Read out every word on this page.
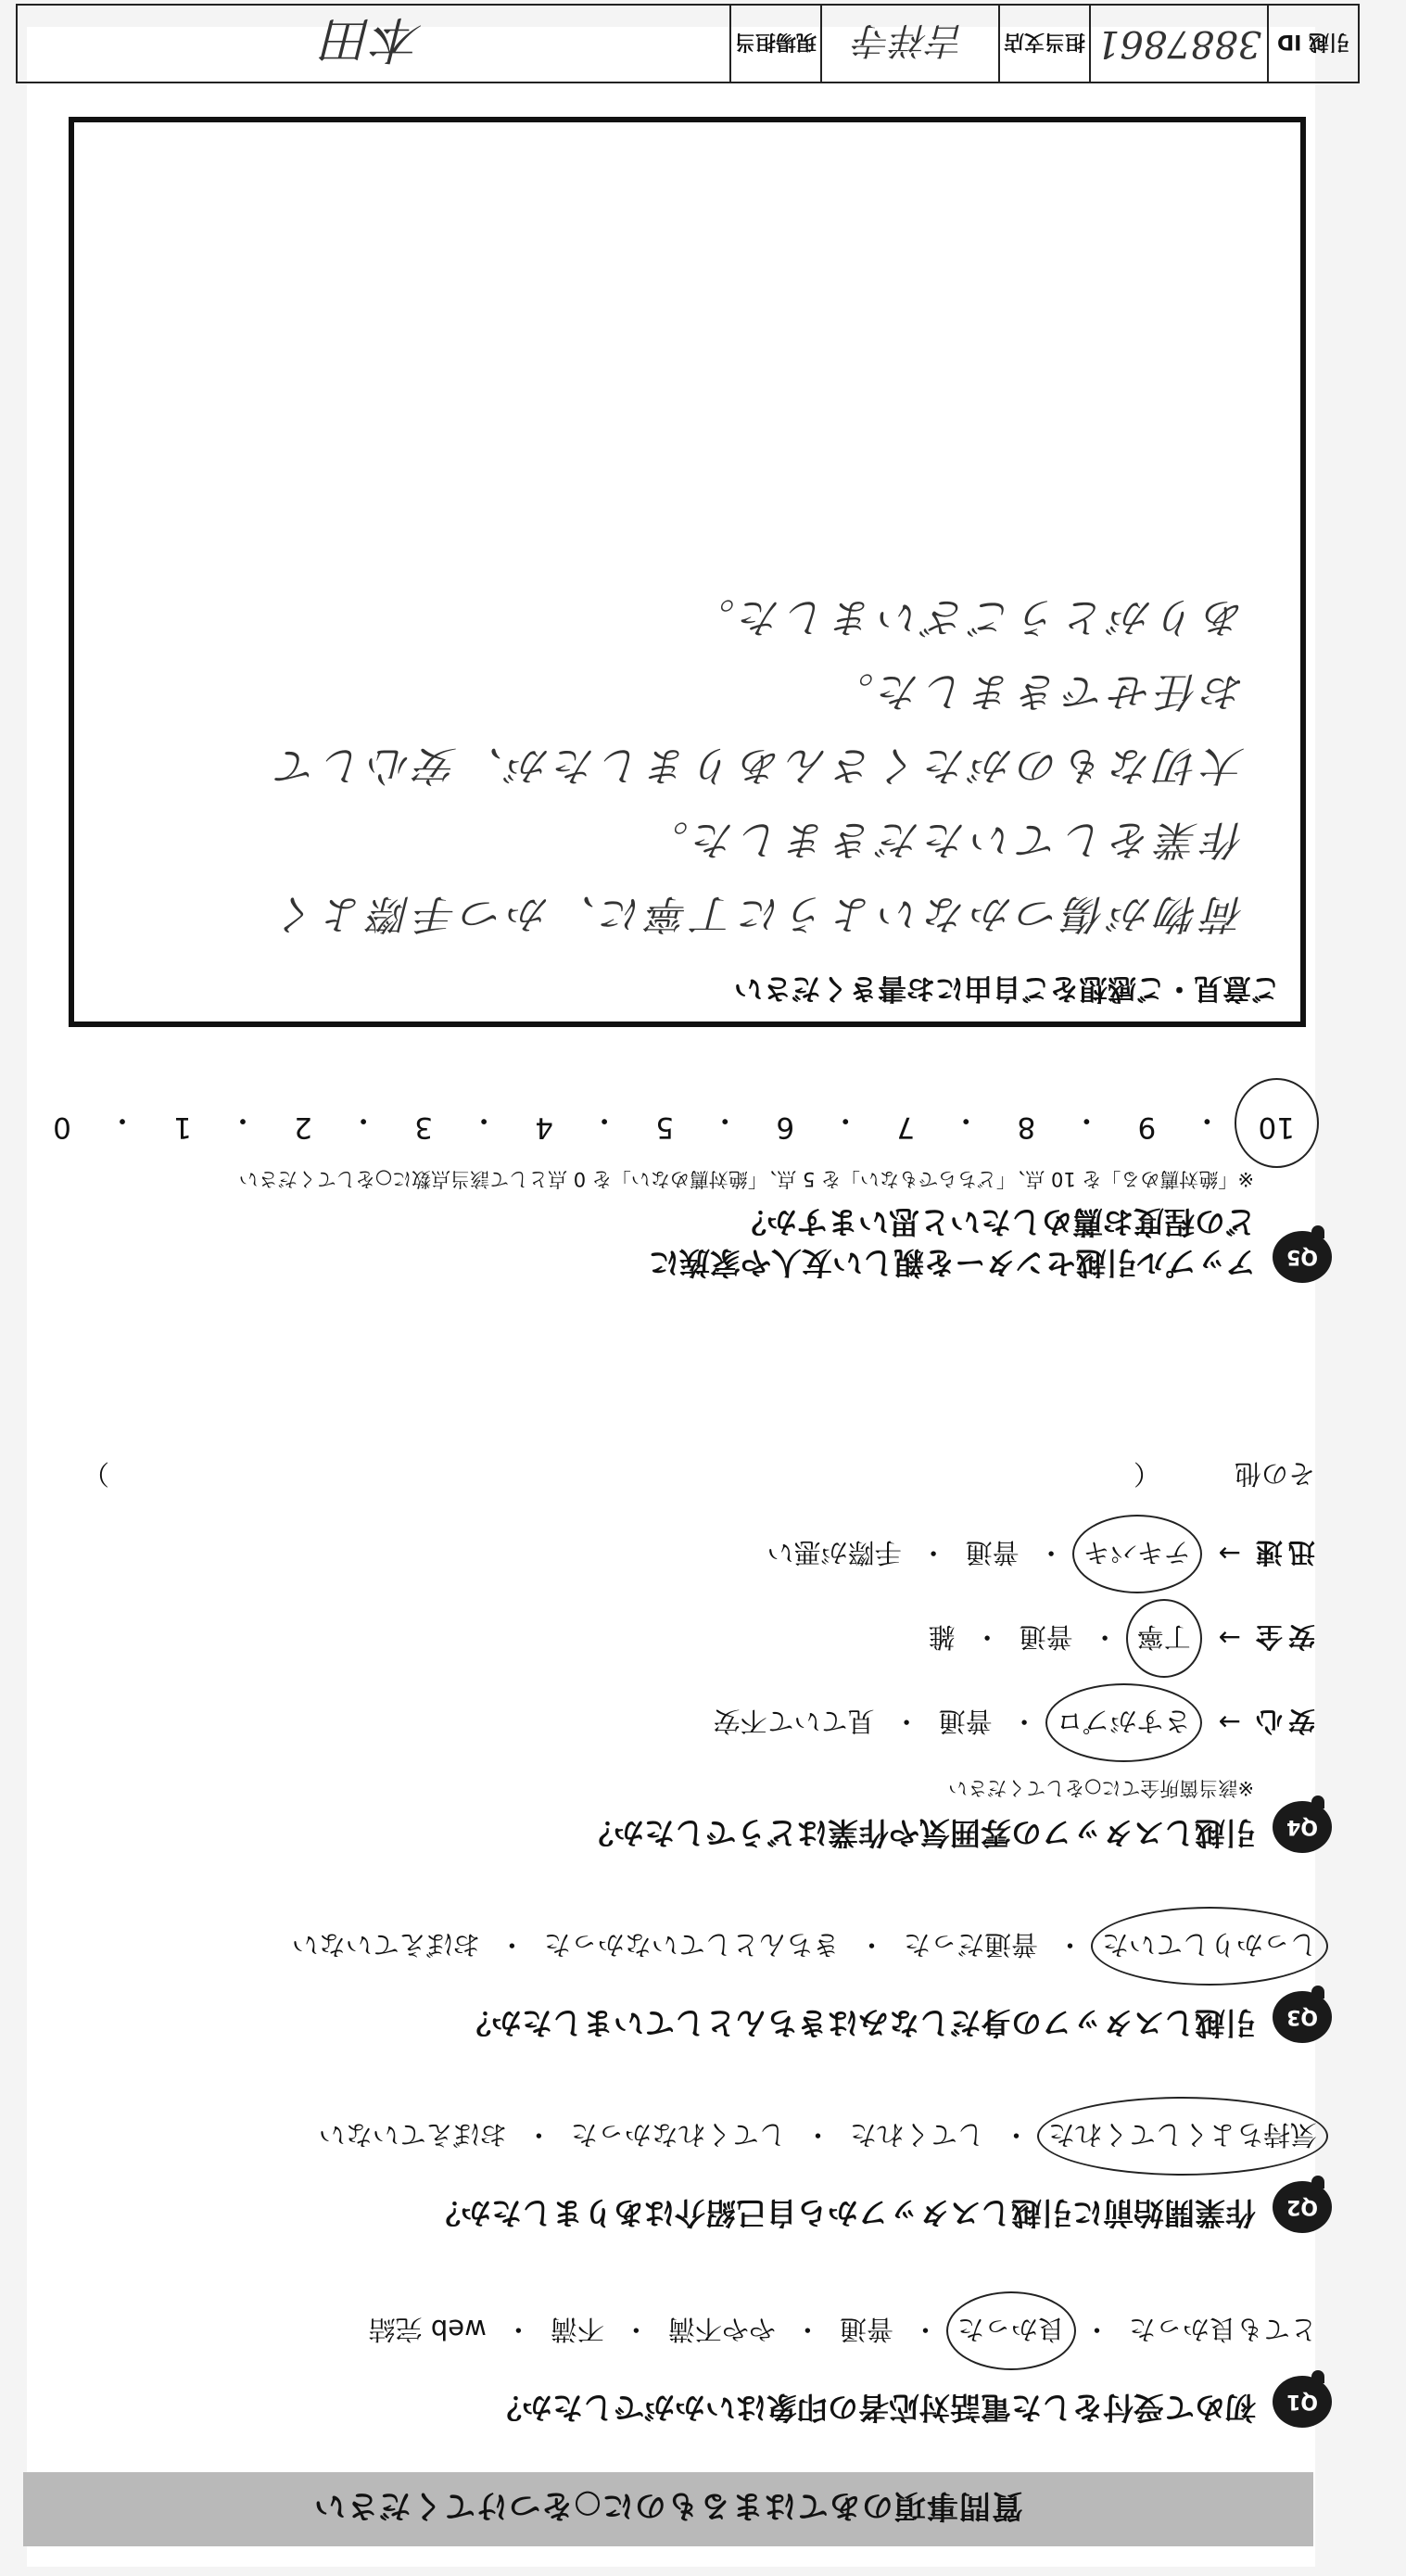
質問事項のあてはまるものに○をつけてください
Q1
初めて受付をした電話対応者の印象はいかがでしたか？
とても良かった
・
良かった
・
普通
・
やや不満
・
不満
・
web 完結
Q2
作業開始前に引越しスタッフから自己紹介はありましたか？
気持ちよくしてくれた
・
してくれた
・
してくれなかった
・
おぼえていない
Q3
引越しスタッフの身だしなみはきちんとしていましたか？
しっかりしていた
・
普通だった
・
きちんとしていなかった
・
おぼえていない
Q4
引越しスタッフの雰囲気や作業はどうでしたか？
※該当箇所全てに○をしてください
安心
→
さすがプロ
・
普通
・
見ていて不安
安全
→
丁寧
・
普通
・
雑
迅速
→
テキパキ
・
普通
・
手際が悪い
その他
（
）
Q5
アップル引越センターを親しい友人や家族に
どの程度お薦めしたいと思いますか？
※「絶対薦める」を 10 点、「どちらでもない」を 5 点、「絶対薦めない」を 0 点として該当点数に○をしてください
10
・
9
・
8
・
7
・
6
・
5
・
4
・
3
・
2
・
1
・
0
ご意見・ご感想をご自由にお書きください
荷物が傷つかないように丁寧に、かつ手際よく
作業をしていただきました。
大切なものがたくさんありましたが、安心して
お任せできました。
ありがとうございました。
引越 ID
3887861
担当支店
吉祥寺
現場担当
本田
